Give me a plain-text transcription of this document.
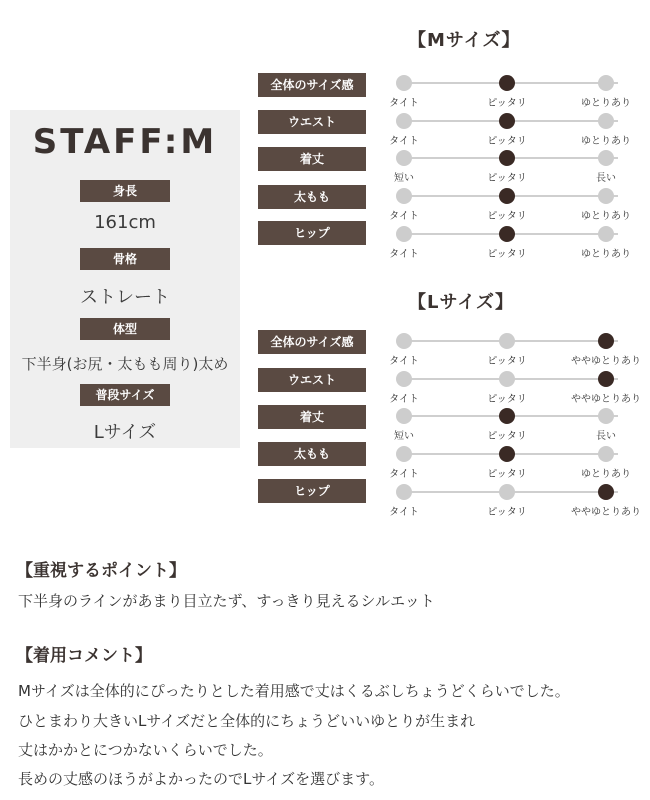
STAFF:M
身長
161cm
骨格
ストレート
体型
下半身(お尻・太もも周り)太め
普段サイズ
Lサイズ
【Mサイズ】
全体のサイズ感
タイト	ピッタリ	ゆとりあり
ウエスト
タイト	ピッタリ	ゆとりあり
着丈
短い	ピッタリ	長い
太もも
タイト	ピッタリ	ゆとりあり
ヒップ
タイト	ピッタリ	ゆとりあり
【Lサイズ】
全体のサイズ感
タイト	ピッタリ	ややゆとりあり
ウエスト
タイト	ピッタリ	ややゆとりあり
着丈
短い	ピッタリ	長い
太もも
タイト	ピッタリ	ゆとりあり
ヒップ
タイト	ピッタリ	ややゆとりあり
【重視するポイント】
下半身のラインがあまり目立たず、すっきり見えるシルエット
【着用コメント】
Mサイズは全体的にぴったりとした着用感で丈はくるぶしちょうどくらいでした。
ひとまわり大きいLサイズだと全体的にちょうどいいゆとりが生まれ
丈はかかとにつかないくらいでした。
長めの丈感のほうがよかったのでLサイズを選びます。
